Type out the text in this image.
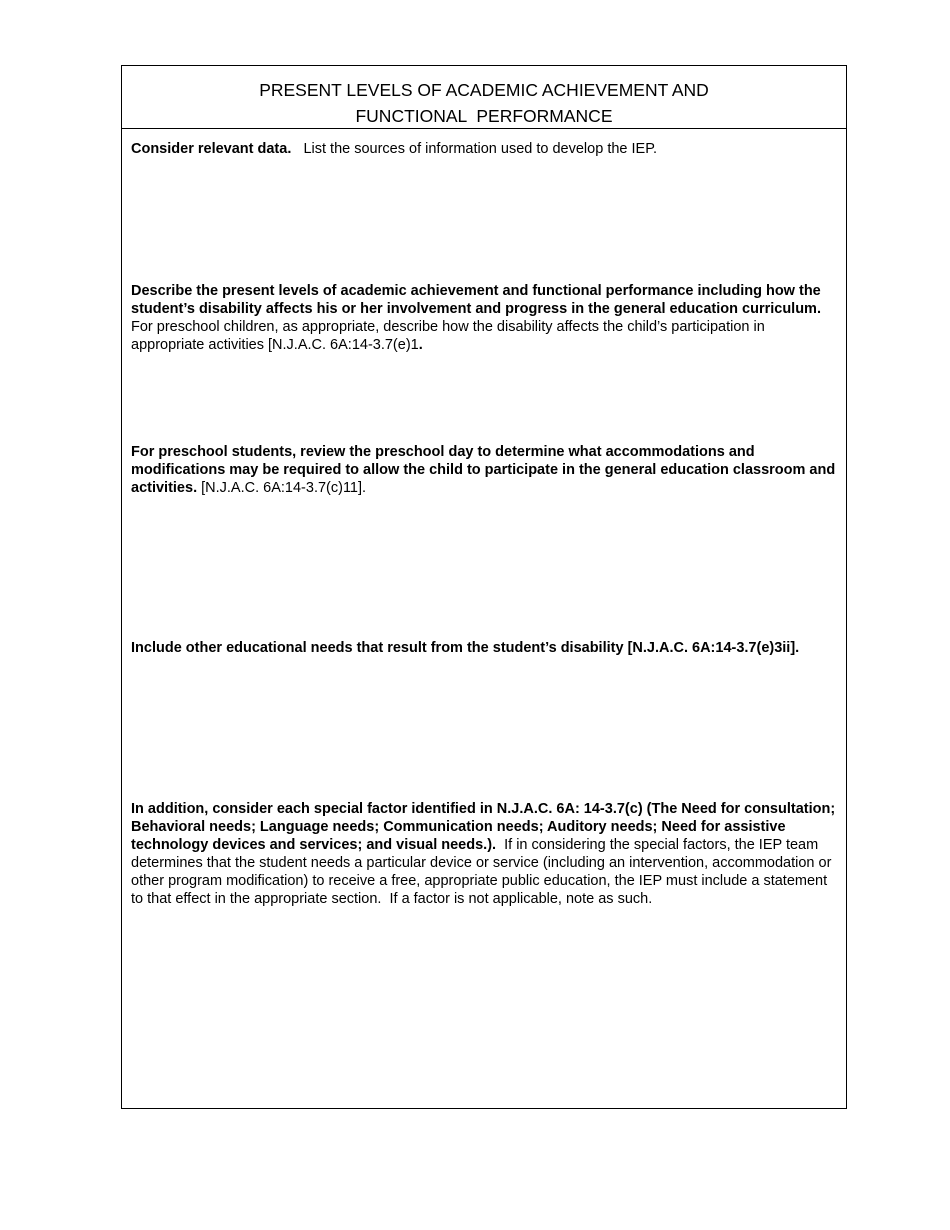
PRESENT LEVELS OF ACADEMIC ACHIEVEMENT AND
FUNCTIONAL  PERFORMANCE

Consider relevant data.   List the sources of information used to develop the IEP.

Describe the present levels of academic achievement and functional performance including how the student’s disability affects his or her involvement and progress in the general education curriculum. For preschool children, as appropriate, describe how the disability affects the child’s participation in appropriate activities [N.J.A.C. 6A:14-3.7(e)1.

For preschool students, review the preschool day to determine what accommodations and modifications may be required to allow the child to participate in the general education classroom and activities. [N.J.A.C. 6A:14-3.7(c)11].

Include other educational needs that result from the student’s disability [N.J.A.C. 6A:14-3.7(e)3ii].

In addition, consider each special factor identified in N.J.A.C. 6A: 14-3.7(c) (The Need for consultation; Behavioral needs; Language needs; Communication needs; Auditory needs; Need for assistive technology devices and services; and visual needs.).  If in considering the special factors, the IEP team determines that the student needs a particular device or service (including an intervention, accommodation or other program modification) to receive a free, appropriate public education, the IEP must include a statement to that effect in the appropriate section.  If a factor is not applicable, note as such.
